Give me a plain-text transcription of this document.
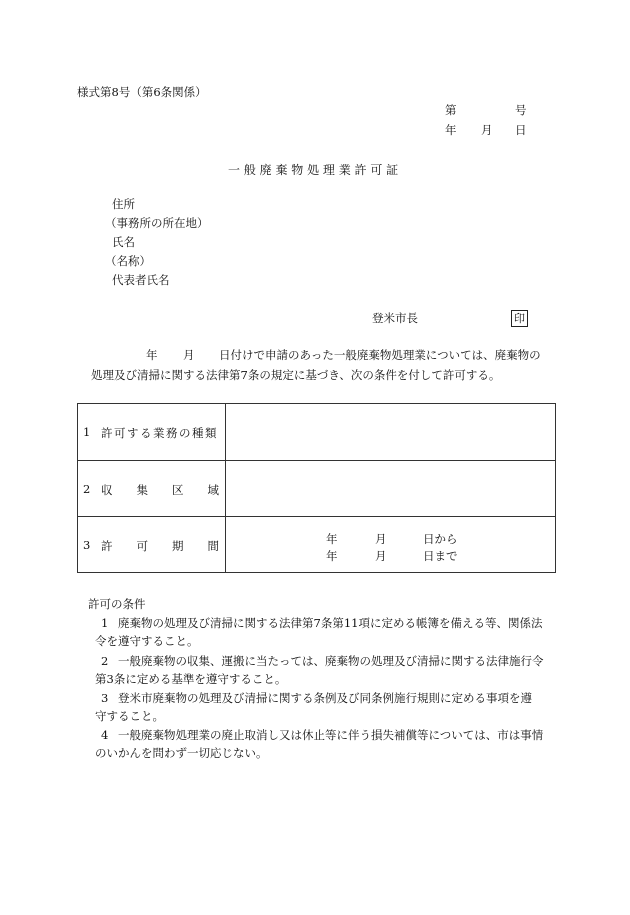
様式第8号（第6条関係）
第	号
年 月 日
一 般 廃 棄 物 処 理 業 許 可 証
住所
（事務所の所在地）
氏名
（名称）
代表者氏名
登米市長	印
年 月 日付けで申請のあった一般廃棄物処理業については、廃棄物の
処理及び清掃に関する法律第7条の規定に基づき、次の条件を付して許可する。
1 許可する業務の種類
2 収 集 区 域
3 許 可 期 間	年	月	日から
年	月	日まで
許可の条件
1 廃棄物の処理及び清掃に関する法律第7条第11項に定める帳簿を備える等、関係法
令を遵守すること。
2 一般廃棄物の収集、運搬に当たっては、廃棄物の処理及び清掃に関する法律施行令
第3条に定める基準を遵守すること。
3 登米市廃棄物の処理及び清掃に関する条例及び同条例施行規則に定める事項を遵
守すること。
4 一般廃棄物処理業の廃止取消し又は休止等に伴う損失補償等については、市は事情
のいかんを問わず一切応じない。
